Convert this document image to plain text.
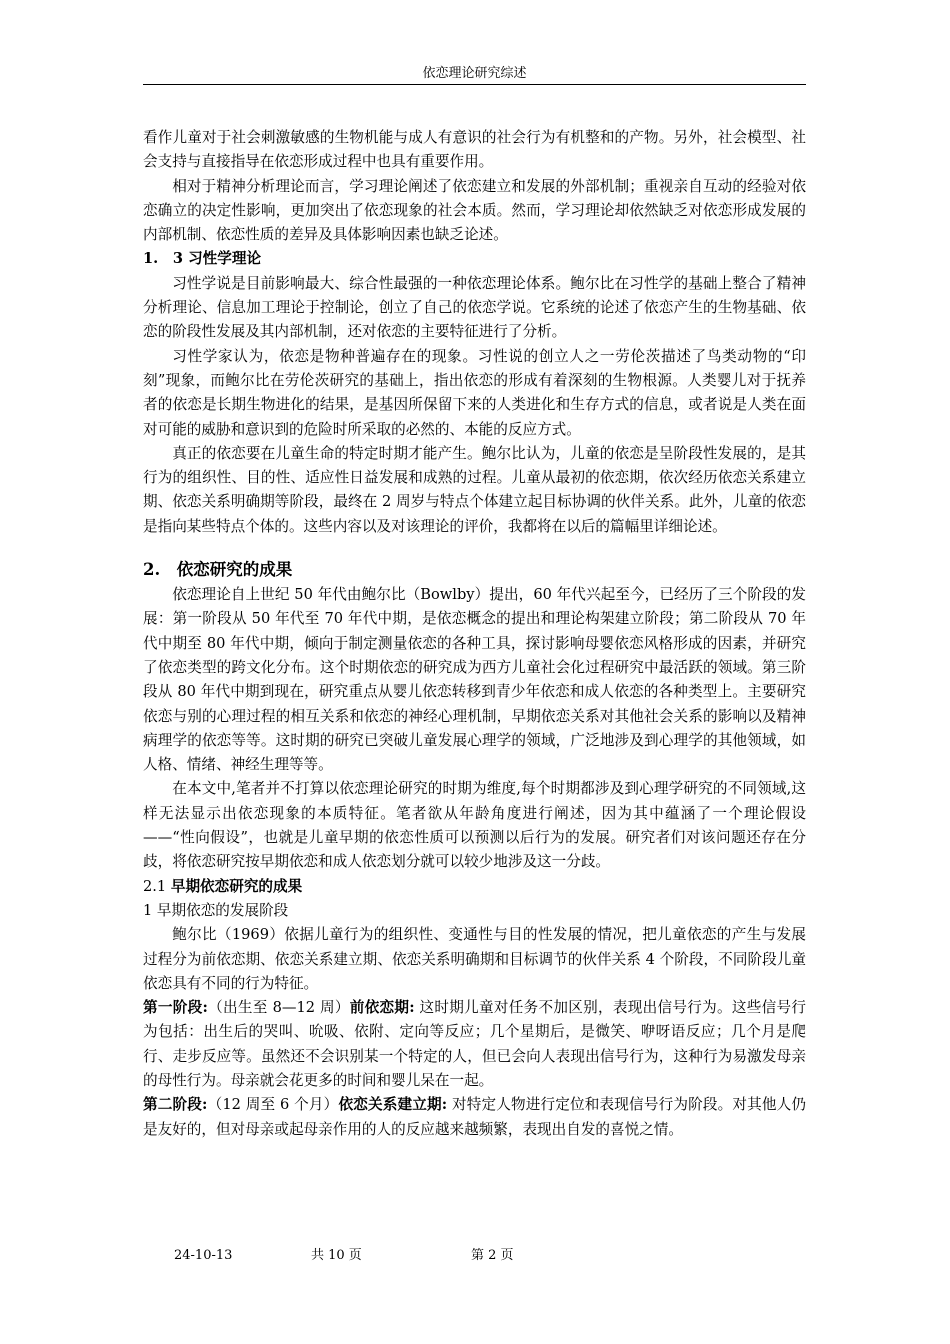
依恋理论研究综述

看作儿童对于社会刺激敏感的生物机能与成人有意识的社会行为有机整和的产物。另外，社会模型、社会支持与直接指导在依恋形成过程中也具有重要作用。

相对于精神分析理论而言，学习理论阐述了依恋建立和发展的外部机制；重视亲自互动的经验对依恋确立的决定性影响，更加突出了依恋现象的社会本质。然而，学习理论却依然缺乏对依恋形成发展的内部机制、依恋性质的差异及具体影响因素也缺乏论述。

1.　3 习性学理论

习性学说是目前影响最大、综合性最强的一种依恋理论体系。鲍尔比在习性学的基础上整合了精神分析理论、信息加工理论于控制论，创立了自己的依恋学说。它系统的论述了依恋产生的生物基础、依恋的阶段性发展及其内部机制，还对依恋的主要特征进行了分析。

习性学家认为，依恋是物种普遍存在的现象。习性说的创立人之一劳伦茨描述了鸟类动物的“印刻”现象，而鲍尔比在劳伦茨研究的基础上，指出依恋的形成有着深刻的生物根源。人类婴儿对于抚养者的依恋是长期生物进化的结果，是基因所保留下来的人类进化和生存方式的信息，或者说是人类在面对可能的威胁和意识到的危险时所采取的必然的、本能的反应方式。

真正的依恋要在儿童生命的特定时期才能产生。鲍尔比认为，儿童的依恋是呈阶段性发展的，是其行为的组织性、目的性、适应性日益发展和成熟的过程。儿童从最初的依恋期，依次经历依恋关系建立期、依恋关系明确期等阶段，最终在 2 周岁与特点个体建立起目标协调的伙伴关系。此外，儿童的依恋是指向某些特点个体的。这些内容以及对该理论的评价，我都将在以后的篇幅里详细论述。

2.　依恋研究的成果

依恋理论自上世纪 50 年代由鲍尔比（Bowlby）提出，60 年代兴起至今，已经历了三个阶段的发展：第一阶段从 50 年代至 70 年代中期，是依恋概念的提出和理论构架建立阶段；第二阶段从 70 年代中期至 80 年代中期，倾向于制定测量依恋的各种工具，探讨影响母婴依恋风格形成的因素，并研究了依恋类型的跨文化分布。这个时期依恋的研究成为西方儿童社会化过程研究中最活跃的领域。第三阶段从 80 年代中期到现在，研究重点从婴儿依恋转移到青少年依恋和成人依恋的各种类型上。主要研究依恋与别的心理过程的相互关系和依恋的神经心理机制，早期依恋关系对其他社会关系的影响以及精神病理学的依恋等等。这时期的研究已突破儿童发展心理学的领域，广泛地涉及到心理学的其他领域，如人格、情绪、神经生理等等。

在本文中,笔者并不打算以依恋理论研究的时期为维度,每个时期都涉及到心理学研究的不同领域,这样无法显示出依恋现象的本质特征。笔者欲从年龄角度进行阐述，因为其中蕴涵了一个理论假设——“性向假设”，也就是儿童早期的依恋性质可以预测以后行为的发展。研究者们对该问题还存在分歧，将依恋研究按早期依恋和成人依恋划分就可以较少地涉及这一分歧。

2.1 早期依恋研究的成果

1 早期依恋的发展阶段

鲍尔比（1969）依据儿童行为的组织性、变通性与目的性发展的情况，把儿童依恋的产生与发展过程分为前依恋期、依恋关系建立期、依恋关系明确期和目标调节的伙伴关系 4 个阶段，不同阶段儿童依恋具有不同的行为特征。

第一阶段:（出生至 8—12 周）前依恋期: 这时期儿童对任务不加区别，表现出信号行为。这些信号行为包括：出生后的哭叫、吮吸、依附、定向等反应；几个星期后，是微笑、咿呀语反应；几个月是爬行、走步反应等。虽然还不会识别某一个特定的人，但已会向人表现出信号行为，这种行为易激发母亲的母性行为。母亲就会花更多的时间和婴儿呆在一起。

第二阶段:（12 周至 6 个月）依恋关系建立期: 对特定人物进行定位和表现信号行为阶段。对其他人仍是友好的，但对母亲或起母亲作用的人的反应越来越频繁，表现出自发的喜悦之情。

24-10-13	共 10 页	第 2 页
